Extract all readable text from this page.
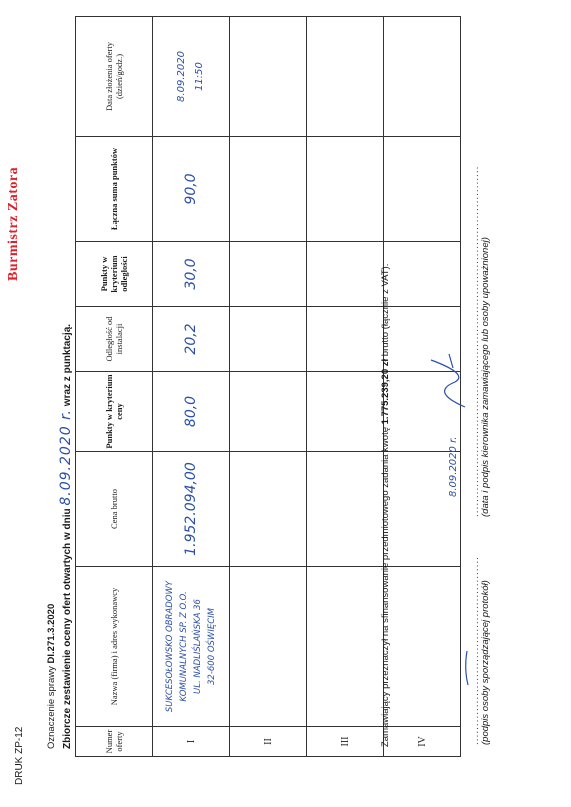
DRUK ZP-12
Burmistrz Zatora
Oznaczenie sprawy DI.271.3.2020 Zbiorcze zestawienie oceny ofert otwartych w dniu 8.09.2020 r. wraz z punktacją.
Numer oferty	Nazwa (firma) i adres wykonawcy	Cena brutto	Punkty w kryterium ceny	Odległość od instalacji	Punkty w kryterium odległości	Łączna suma punktów	Data złożenia oferty (dzień/godz.)
I	SUKCESOŁOWSKO OBRADOWY KOMUNALNYCH SP. Z O.O. UL. NADLIŚLAŃSKA 36 32-600 OŚWIĘCIM	1.952.094,00	80,0	20,2	30,0	90,0	8.09.2020 11:50

II							
III							
IV							
Zamawiający przeznaczył na sfinansowanie przedmiotowego zadania kwotę 1.775.239,20 zł brutto (łącznie z VAT).
.................................................. (podpis osoby sporządzającej protokół)
8.09.2020 r. ............................................................................................. (data i podpis kierownika zamawiającego lub osoby upoważnionej)
